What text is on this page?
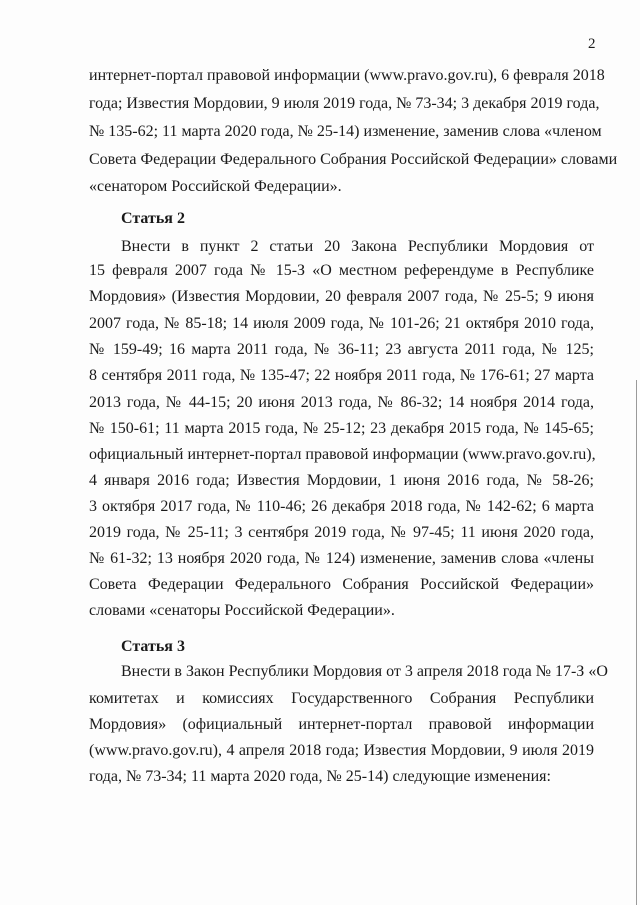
2
интернет-портал правовой информации (www.pravo.gov.ru), 6 февраля 2018
года; Известия Мордовии, 9 июля 2019 года, № 73-34; 3 декабря 2019 года,
№ 135-62; 11 марта 2020 года, № 25-14) изменение, заменив слова «членом
Совета Федерации Федерального Собрания Российской Федерации» словами
«сенатором Российской Федерации».
Статья 2
Внести в пункт 2 статьи 20 Закона Республики Мордовия от
15 февраля 2007 года № 15-З «О местном референдуме в Республике
Мордовия» (Известия Мордовии, 20 февраля 2007 года, № 25-5; 9 июня
2007 года, № 85-18; 14 июля 2009 года, № 101-26; 21 октября 2010 года,
№ 159-49; 16 марта 2011 года, № 36-11; 23 августа 2011 года, № 125;
8 сентября 2011 года, № 135-47; 22 ноября 2011 года, № 176-61; 27 марта
2013 года, № 44-15; 20 июня 2013 года, № 86-32; 14 ноября 2014 года,
№ 150-61; 11 марта 2015 года, № 25-12; 23 декабря 2015 года, № 145-65;
официальный интернет-портал правовой информации (www.pravo.gov.ru),
4 января 2016 года; Известия Мордовии, 1 июня 2016 года, № 58-26;
3 октября 2017 года, № 110-46; 26 декабря 2018 года, № 142-62; 6 марта
2019 года, № 25-11; 3 сентября 2019 года, № 97-45; 11 июня 2020 года,
№ 61-32; 13 ноября 2020 года, № 124) изменение, заменив слова «члены
Совета Федерации Федерального Собрания Российской Федерации»
словами «сенаторы Российской Федерации».
Статья 3
Внести в Закон Республики Мордовия от 3 апреля 2018 года № 17-З «О
комитетах и комиссиях Государственного Собрания Республики
Мордовия» (официальный интернет-портал правовой информации
(www.pravo.gov.ru), 4 апреля 2018 года; Известия Мордовии, 9 июля 2019
года, № 73-34; 11 марта 2020 года, № 25-14) следующие изменения:
